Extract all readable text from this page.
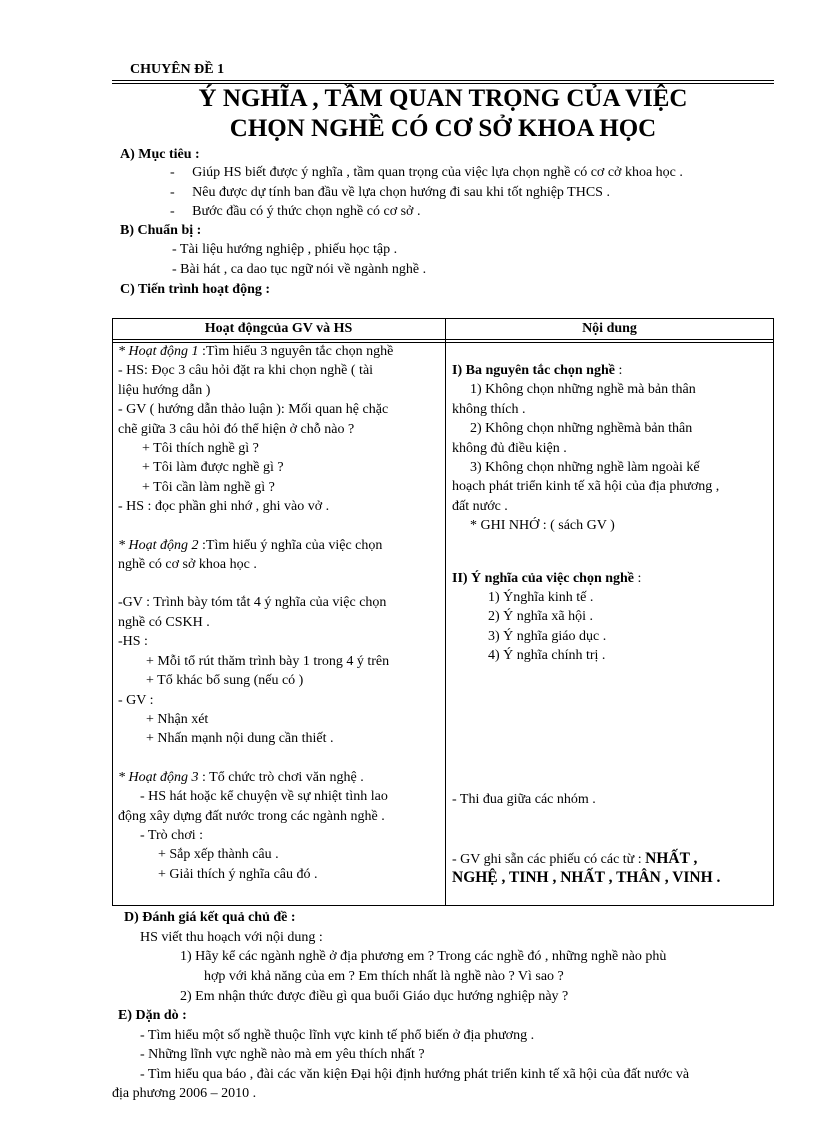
CHUYÊN ĐỀ 1
Ý NGHĨA , TẦM QUAN TRỌNG CỦA VIỆC
CHỌN NGHỀ CÓ CƠ SỞ KHOA HỌC
A) Mục tiêu :
-     Giúp HS biết được ý nghĩa , tầm quan trọng của việc lựa chọn nghề có cơ cở khoa học .
-     Nêu được dự tính ban đầu về lựa chọn hướng đi sau khi tốt nghiệp THCS .
-     Bước đầu có ý thức chọn nghề có cơ sở .
B) Chuẩn bị :
- Tài liệu hướng nghiệp , phiếu học tập .
- Bài hát , ca dao tục ngữ nói về ngành nghề .
C) Tiến trình hoạt động :
Hoạt độngcủa GV và HS	Nội dung
* Hoạt động 1 :Tìm hiểu 3 nguyên tắc chọn nghề
- HS: Đọc 3 câu hỏi đặt ra khi chọn nghề ( tài
liệu hướng dẫn )
- GV ( hướng dẫn thảo luận ): Mối quan hệ chặc
chẽ giữa 3 câu hỏi đó thể hiện ở chỗ nào ?
+ Tôi thích nghề gì ?
+ Tôi làm được nghề gì ?
+ Tôi cần làm nghề gì ?
- HS : đọc phần ghi nhớ , ghi vào vở .
* Hoạt động 2 :Tìm hiểu ý nghĩa của việc chọn
nghề có cơ sở khoa học .
-GV : Trình bày tóm tắt 4 ý nghĩa của việc chọn
nghề có CSKH .
-HS :
+ Mỗi tổ rút thăm trình bày 1 trong 4 ý trên
+ Tổ khác bổ sung (nếu có )
- GV :
+ Nhận xét
+ Nhấn mạnh nội dung cần thiết .
* Hoạt động 3 : Tổ chức trò chơi văn nghệ .
- HS hát hoặc kể chuyện về sự nhiệt tình lao
động xây dựng đất nước trong các ngành nghề .
- Trò chơi :
+ Sắp xếp thành câu .
+ Giải thích ý nghĩa câu đó .
I) Ba nguyên tắc chọn nghề :
1) Không chọn những nghề mà bản thân
không thích .
2) Không chọn những nghềmà bản thân
không đủ điều kiện .
3) Không chọn những nghề làm ngoài kế
hoạch phát triển kinh tế xã hội của địa phương ,
đất nước .
* GHI NHỚ : ( sách GV )
II) Ý nghĩa của việc chọn nghề :
1) Ýnghĩa kinh tế .
2) Ý nghĩa xã hội .
3) Ý nghĩa giáo dục .
4) Ý nghĩa chính trị .
- Thi đua giữa các nhóm .
- GV ghi sẵn các phiếu có các từ : NHẤT ,
NGHỆ , TINH , NHẤT , THÂN , VINH .
D) Đánh giá kết quả chủ đề :
HS viết thu hoạch với nội dung :
1) Hãy kể các ngành nghề ở địa phương em ? Trong các nghề đó , những nghề nào phù
hợp với khả năng của em ? Em thích nhất là nghề nào ? Vì sao ?
2) Em nhận thức được điều gì qua buổi Giáo dục hướng nghiệp này ?
E) Dặn dò :
- Tìm hiểu một số nghề thuộc lĩnh vực kinh tế phổ biến ở địa phương .
- Những lĩnh vực nghề nào mà em yêu thích nhất ?
- Tìm hiểu qua báo , đài các văn kiện Đại hội định hướng phát triển kinh tế xã hội của đất nước và
địa phương 2006 – 2010 .
